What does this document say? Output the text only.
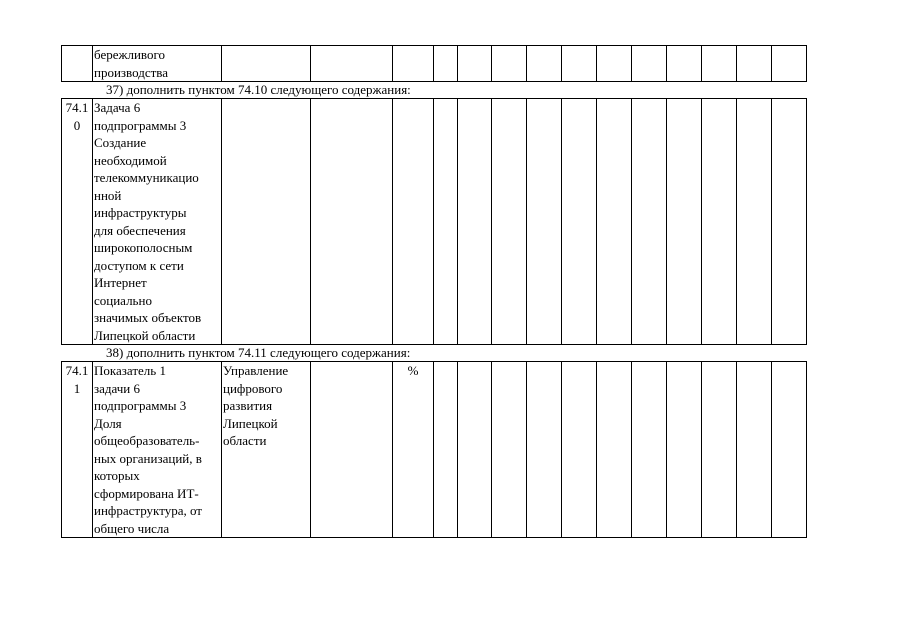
	бережливого
производства														
37) дополнить пунктом 74.10 следующего содержания:
74.1
0	Задача 6
подпрограммы 3
Создание
необходимой
телекоммуникацио
нной
инфраструктуры
для обеспечения
широкополосным
доступом к сети
Интернет
социально
значимых объектов
Липецкой области														
38) дополнить пунктом 74.11 следующего содержания:
74.1
1	Показатель 1
задачи 6
подпрограммы 3
Доля
общеобразователь-
ных организаций, в
которых
сформирована ИТ-
инфраструктура, от
общего числа	Управление
цифрового
развития
Липецкой
области		%											
